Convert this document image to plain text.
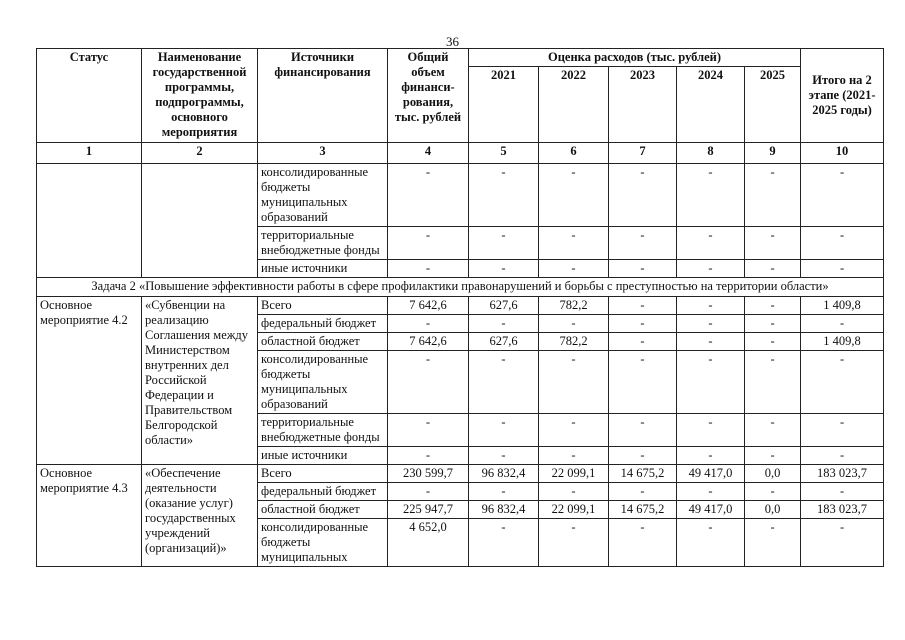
36
Статус	Наименование государственной программы, подпрограммы, основного мероприятия	Источники финансирования	Общий объем финанси-рования, тыс. рублей	Оценка расходов (тыс. рублей)					Итого на 2 этапе (2021-2025 годы)
				2021	2022	2023	2024	2025	
1	2	3	4	5	6	7	8	9	10
		консолидированные бюджеты муниципальных образований	-	-	-	-	-	-	-
		территориальные внебюджетные фонды	-	-	-	-	-	-	-
		иные источники	-	-	-	-	-	-	-
Задача 2 «Повышение эффективности работы в сфере профилактики правонарушений и борьбы с преступностью на территории области»									
Основное мероприятие 4.2	«Субвенции на реализацию Соглашения между Министерством внутренних дел Российской Федерации и Правительством Белгородской области»	Всего	7 642,6	627,6	782,2	-	-	-	1 409,8
		федеральный бюджет	-	-	-	-	-	-	-
		областной бюджет	7 642,6	627,6	782,2	-	-	-	1 409,8
		консолидированные бюджеты муниципальных образований	-	-	-	-	-	-	-
		территориальные внебюджетные фонды	-	-	-	-	-	-	-
		иные источники	-	-	-	-	-	-	-
Основное мероприятие 4.3	«Обеспечение деятельности (оказание услуг) государственных учреждений (организаций)»	Всего	230 599,7	96 832,4	22 099,1	14 675,2	49 417,0	0,0	183 023,7
		федеральный бюджет	-	-	-	-	-	-	-
		областной бюджет	225 947,7	96 832,4	22 099,1	14 675,2	49 417,0	0,0	183 023,7
		консолидированные бюджеты муниципальных	4 652,0	-	-	-	-	-	-
